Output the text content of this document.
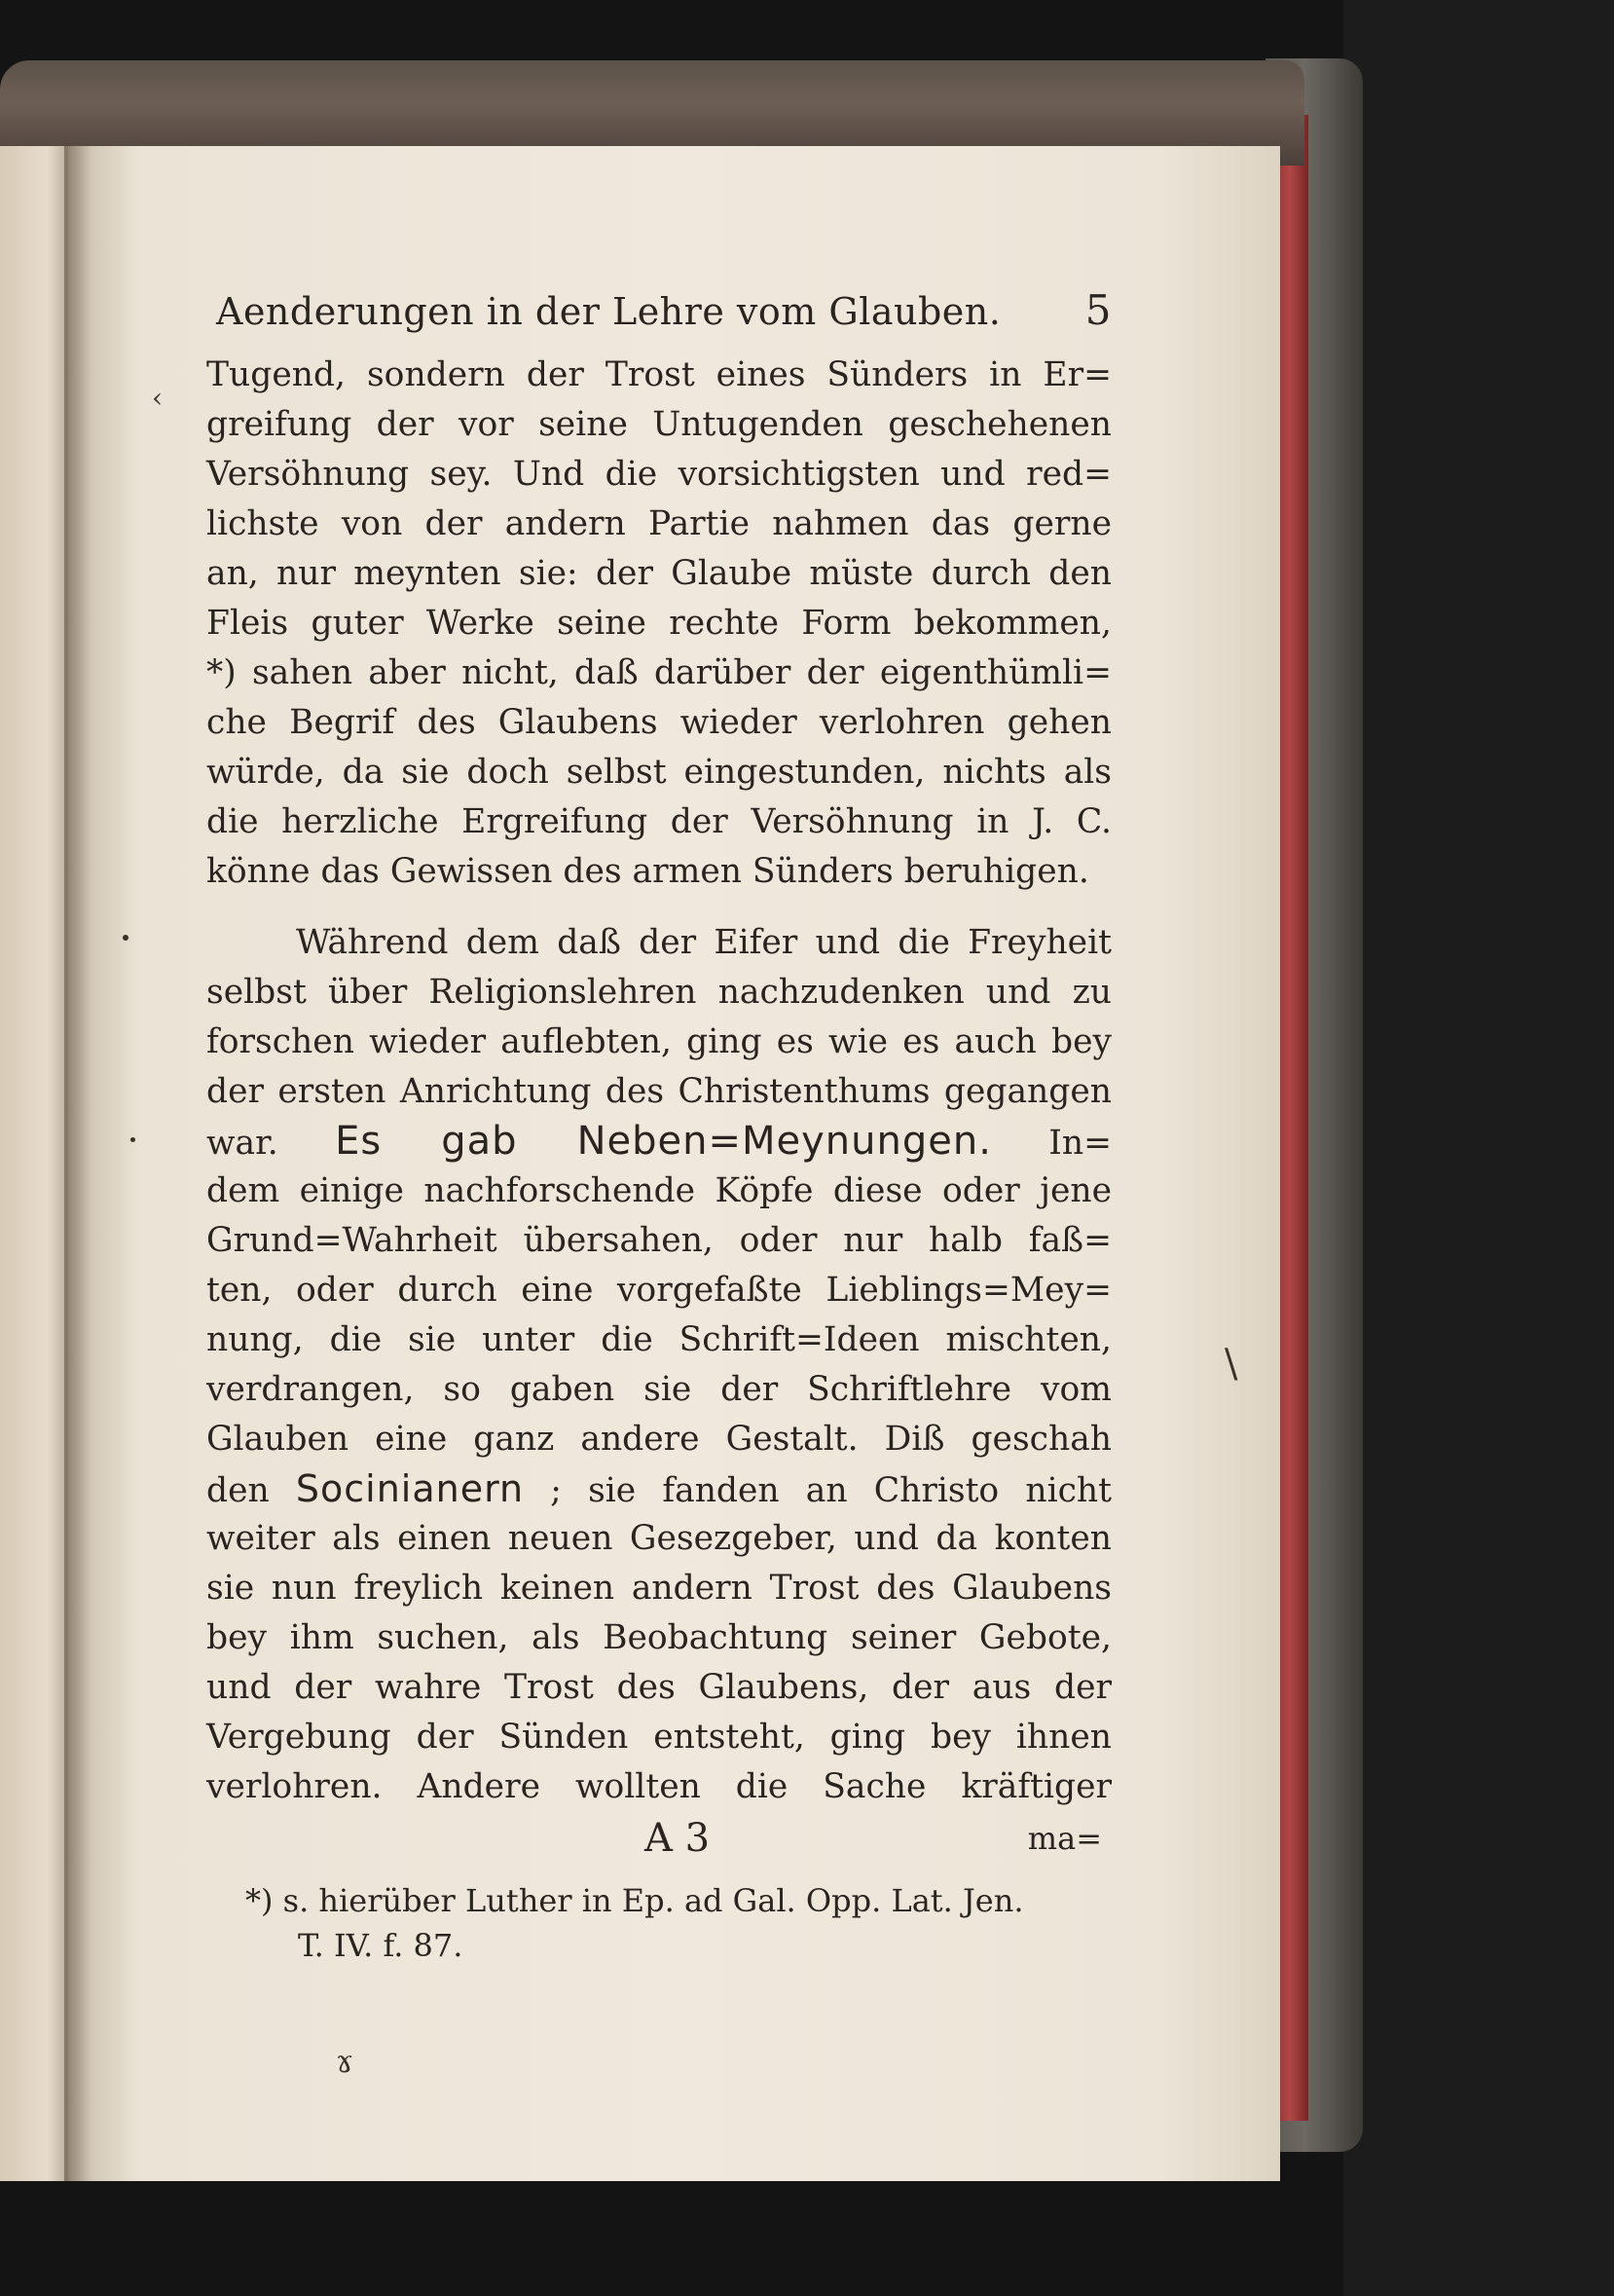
‹
\
ɤ
Aenderungen in der Lehre vom Glauben. 5
Tugend, sondern der Trost eines Sünders in Er=
greifung der vor seine Untugenden geschehenen
Versöhnung sey. Und die vorsichtigsten und red=
lichste von der andern Partie nahmen das gerne
an, nur meynten sie: der Glaube müste durch den
Fleis guter Werke seine rechte Form bekommen,
*) sahen aber nicht, daß darüber der eigenthümli=
che Begrif des Glaubens wieder verlohren gehen
würde, da sie doch selbst eingestunden, nichts als
die herzliche Ergreifung der Versöhnung in J. C.
könne das Gewissen des armen Sünders beruhigen.
Während dem daß der Eifer und die Freyheit
selbst über Religionslehren nachzudenken und zu
forschen wieder auflebten, ging es wie es auch bey
der ersten Anrichtung des Christenthums gegangen
war. Es gab Neben=Meynungen. In=
dem einige nachforschende Köpfe diese oder jene
Grund=Wahrheit übersahen, oder nur halb faß=
ten, oder durch eine vorgefaßte Lieblings=Mey=
nung, die sie unter die Schrift=Ideen mischten,
verdrangen, so gaben sie der Schriftlehre vom
Glauben eine ganz andere Gestalt. Diß geschah
den Socinianern ; sie fanden an Christo nicht
weiter als einen neuen Gesezgeber, und da konten
sie nun freylich keinen andern Trost des Glaubens
bey ihm suchen, als Beobachtung seiner Gebote,
und der wahre Trost des Glaubens, der aus der
Vergebung der Sünden entsteht, ging bey ihnen
verlohren. Andere wollten die Sache kräftiger
A 3	ma=
*) s. hierüber Luther in Ep. ad Gal. Opp. Lat. Jen.
T. IV. f. 87.
